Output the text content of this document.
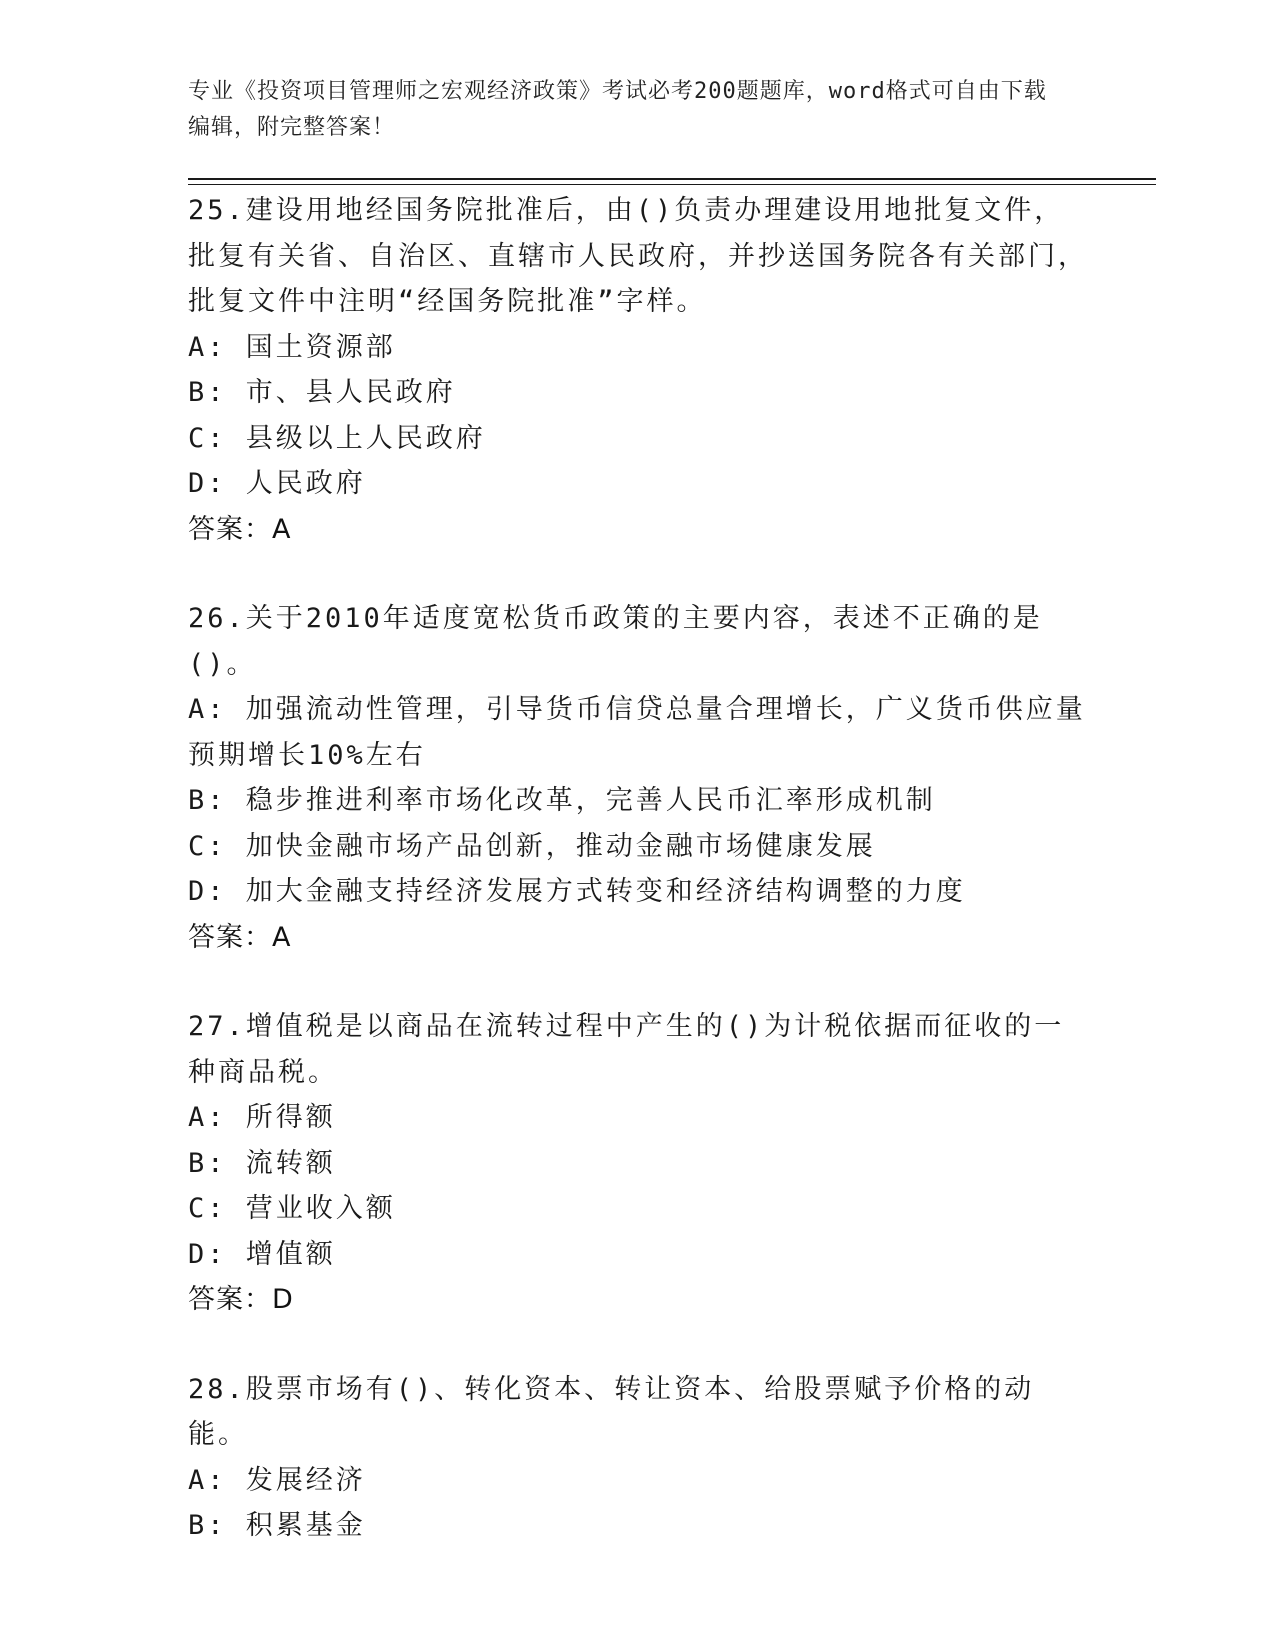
专业《投资项目管理师之宏观经济政策》考试必考200题题库，word格式可自由下载编辑，附完整答案！
25.建设用地经国务院批准后，由()负责办理建设用地批复文件，批复有关省、自治区、直辖市人民政府，并抄送国务院各有关部门，批复文件中注明“经国务院批准”字样。
A: 国土资源部
B: 市、县人民政府
C: 县级以上人民政府
D: 人民政府
答案：A
26.关于2010年适度宽松货币政策的主要内容，表述不正确的是()。
A: 加强流动性管理，引导货币信贷总量合理增长，广义货币供应量预期增长10%左右
B: 稳步推进利率市场化改革，完善人民币汇率形成机制
C: 加快金融市场产品创新，推动金融市场健康发展
D: 加大金融支持经济发展方式转变和经济结构调整的力度
答案：A
27.增值税是以商品在流转过程中产生的()为计税依据而征收的一种商品税。
A: 所得额
B: 流转额
C: 营业收入额
D: 增值额
答案：D
28.股票市场有()、转化资本、转让资本、给股票赋予价格的动能。
A: 发展经济
B: 积累基金
